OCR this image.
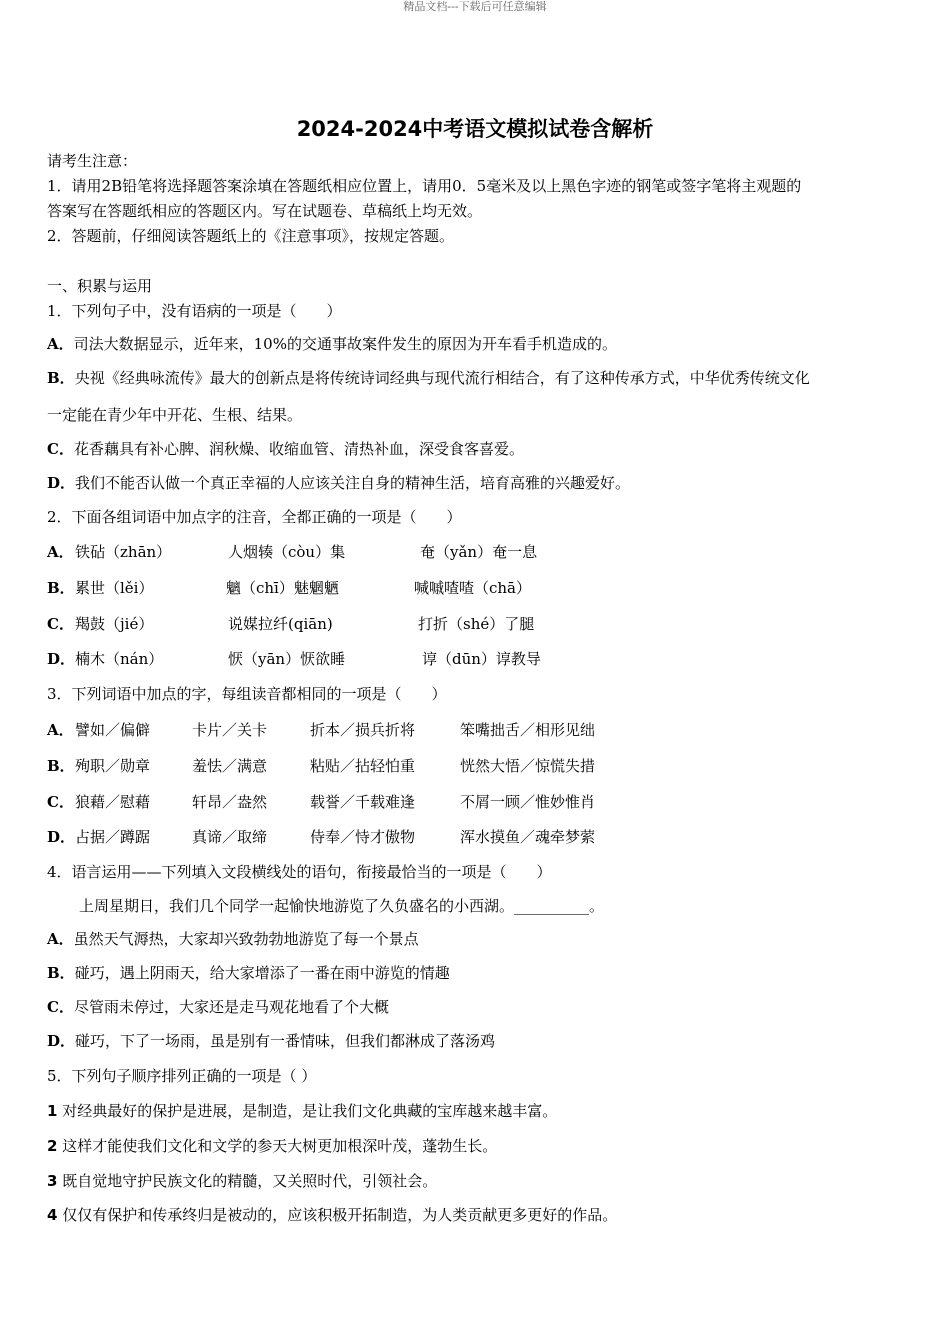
精品文档---下载后可任意编辑
2024-2024中考语文模拟试卷含解析
请考生注意：
1．请用2B铅笔将选择题答案涂填在答题纸相应位置上，请用0．5毫米及以上黑色字迹的钢笔或签字笔将主观题的
答案写在答题纸相应的答题区内。写在试题卷、草稿纸上均无效。
2．答题前，仔细阅读答题纸上的《注意事项》，按规定答题。
一、积累与运用
1．下列句子中，没有语病的一项是（　　）
A．司法大数据显示，近年来，10%的交通事故案件发生的原因为开车看手机造成的。
B．央视《经典咏流传》最大的创新点是将传统诗词经典与现代流行相结合，有了这种传承方式，中华优秀传统文化
一定能在青少年中开花、生根、结果。
C．花香藕具有补心脾、润秋燥、收缩血管、清热补血，深受食客喜爱。
D．我们不能否认做一个真正幸福的人应该关注自身的精神生活，培育高雅的兴趣爱好。
2．下面各组词语中加点字的注音，全都正确的一项是（　　）
A． 铁砧（zhān）	人烟辏（còu）集	奄（yǎn）奄一息
B． 累世（lěi）	魑（chī）魅魍魉	喊嘁喳喳（chā）
C． 羯鼓（jié）	说媒拉纤(qiān)	打折（shé）了腿
D． 楠木（nán）	恹（yān）恹欲睡	谆（dūn）谆教导
3．下列词语中加点的字，每组读音都相同的一项是（　　）
A． 譬如／偏僻	卡片／关卡	折本／损兵折将	笨嘴拙舌／相形见绌
B． 殉职／勋章	羞怯／满意	粘贴／拈轻怕重	恍然大悟／惊慌失措
C． 狼藉／慰藉	轩昂／盎然	载誉／千载难逢	不屑一顾／惟妙惟肖
D． 占据／蹲踞	真谛／取缔	侍奉／恃才傲物	浑水摸鱼／魂牵梦萦
4．语言运用——下列填入文段横线处的语句，衔接最恰当的一项是（　　）
上周星期日，我们几个同学一起愉快地游览了久负盛名的小西湖。__________。
A．虽然天气溽热，大家却兴致勃勃地游览了每一个景点
B．碰巧，遇上阴雨天，给大家增添了一番在雨中游览的情趣
C．尽管雨未停过，大家还是走马观花地看了个大概
D．碰巧，下了一场雨，虽是别有一番情味，但我们都淋成了落汤鸡
5．下列句子顺序排列正确的一项是（ ）
1 对经典最好的保护是进展，是制造，是让我们文化典藏的宝库越来越丰富。
2 这样才能使我们文化和文学的参天大树更加根深叶茂，蓬勃生长。
3 既自觉地守护民族文化的精髓，又关照时代，引领社会。
4 仅仅有保护和传承终归是被动的，应该积极开拓制造，为人类贡献更多更好的作品。
